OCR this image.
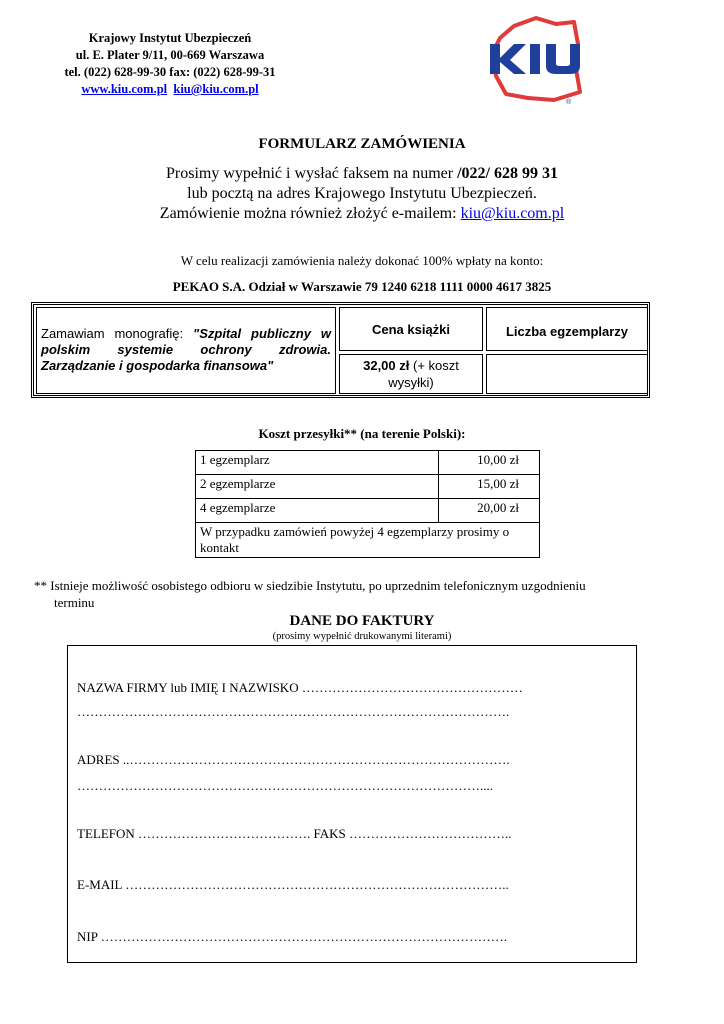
Krajowy Instytut Ubezpieczeń
ul. E. Plater 9/11, 00-669 Warszawa
tel. (022) 628-99-30 fax: (022) 628-99-31
www.kiu.com.pl kiu@kiu.com.pl
®
FORMULARZ ZAMÓWIENIA
Prosimy wypełnić i wysłać faksem na numer /022/ 628 99 31
lub pocztą na adres Krajowego Instytutu Ubezpieczeń.
Zamówienie można również złożyć e-mailem: kiu@kiu.com.pl
W celu realizacji zamówienia należy dokonać 100% wpłaty na konto:
PEKAO S.A. Odział w Warszawie 79 1240 6218 1111 0000 4617 3825
Zamawiam monografię: "Szpital publiczny w polskim systemie ochrony zdrowia. Zarządzanie i gospodarka finansowa"
Cena książki	Liczba egzemplarzy
32,00 zł (+ koszt wysyłki)
Koszt przesyłki** (na terenie Polski):
1 egzemplarz	10,00 zł
2 egzemplarze	15,00 zł
4 egzemplarze	20,00 zł
W przypadku zamówień powyżej 4 egzemplarzy prosimy o kontakt	
** Istnieje możliwość osobistego odbioru w siedzibie Instytutu, po uprzednim telefonicznym uzgodnieniu
terminu
DANE DO FAKTURY
(prosimy wypełnić drukowanymi literami)
NAZWA FIRMY lub IMIĘ I NAZWISKO ……………………………………………
……………………………………………………………………………………….
ADRES ..…………………………………………………………………………….
…………………………………………………………………………………....
TELEFON …………………………………. FAKS ………………………………..
E-MAIL ……………………………………………………………………………..
NIP ………………………………………………………………………………….
